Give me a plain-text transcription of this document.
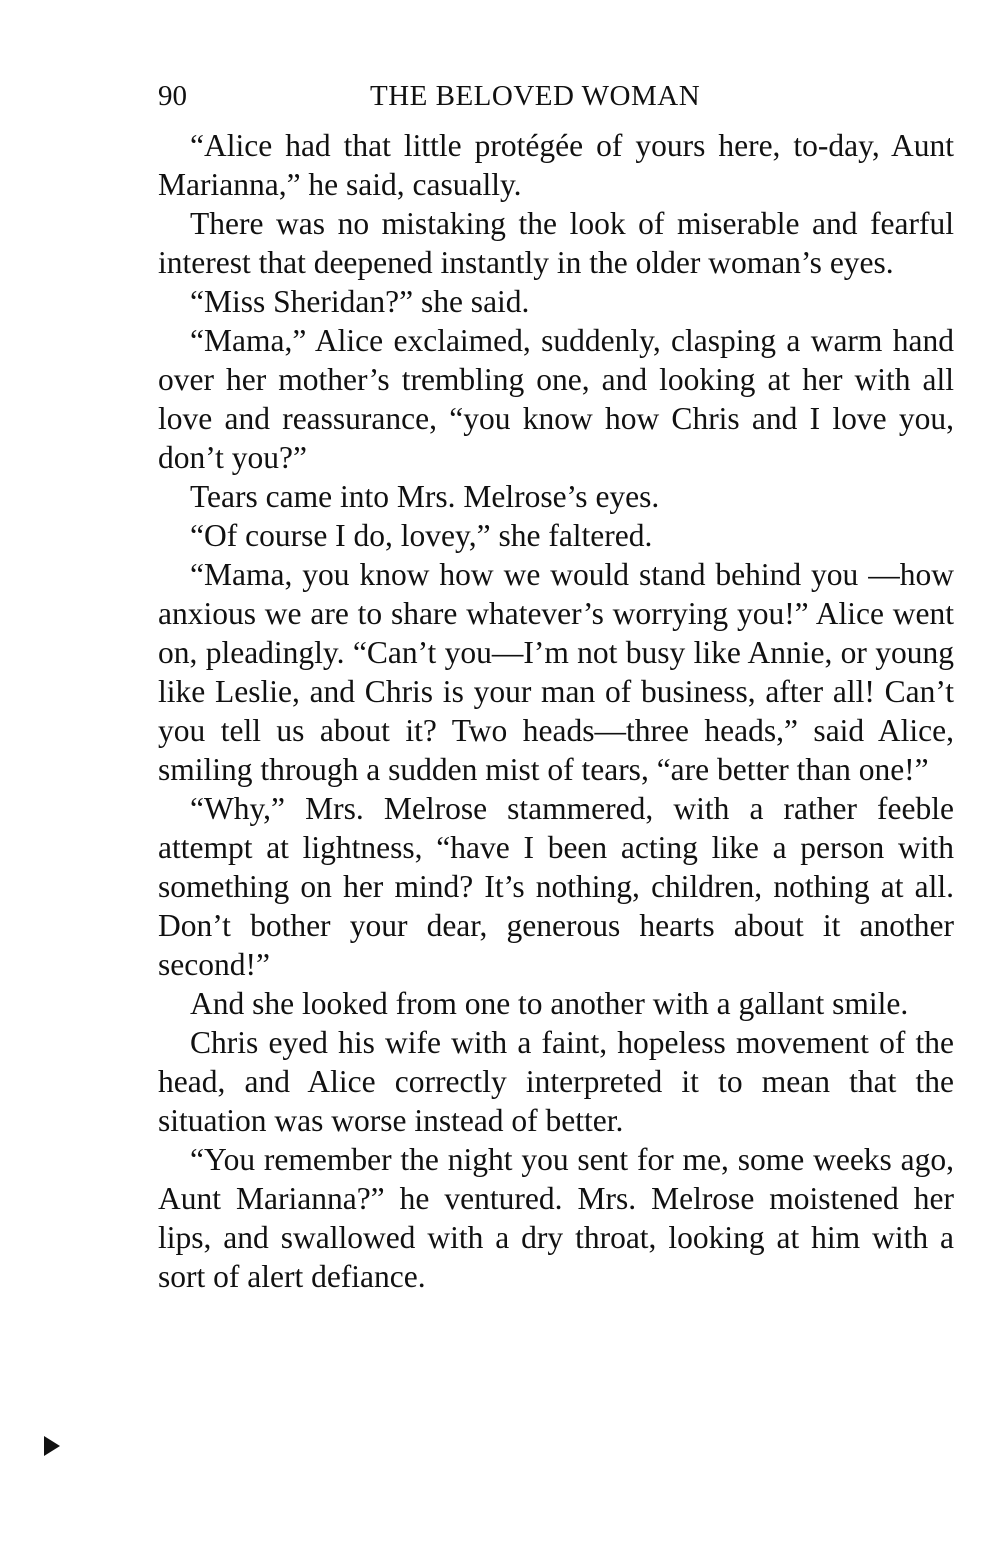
90	THE BELOVED WOMAN

“Alice had that little protégée of yours here, to-day, Aunt Marianna,” he said, casually.

There was no mistaking the look of miserable and fearful interest that deepened instantly in the older woman’s eyes.

“Miss Sheridan?” she said.

“Mama,” Alice exclaimed, suddenly, clasping a warm hand over her mother’s trembling one, and looking at her with all love and reassurance, “you know how Chris and I love you, don’t you?”

Tears came into Mrs. Melrose’s eyes.

“Of course I do, lovey,” she faltered.

“Mama, you know how we would stand behind you —how anxious we are to share whatever’s worrying you!” Alice went on, pleadingly. “Can’t you—I’m not busy like Annie, or young like Leslie, and Chris is your man of business, after all! Can’t you tell us about it? Two heads—three heads,” said Alice, smiling through a sudden mist of tears, “are better than one!”

“Why,” Mrs. Melrose stammered, with a rather feeble attempt at lightness, “have I been acting like a person with something on her mind? It’s nothing, children, nothing at all. Don’t bother your dear, generous hearts about it another second!”

And she looked from one to another with a gallant smile.

Chris eyed his wife with a faint, hopeless movement of the head, and Alice correctly interpreted it to mean that the situation was worse instead of better.

“You remember the night you sent for me, some weeks ago, Aunt Marianna?” he ventured. Mrs. Melrose moistened her lips, and swallowed with a dry throat, looking at him with a sort of alert defiance.
